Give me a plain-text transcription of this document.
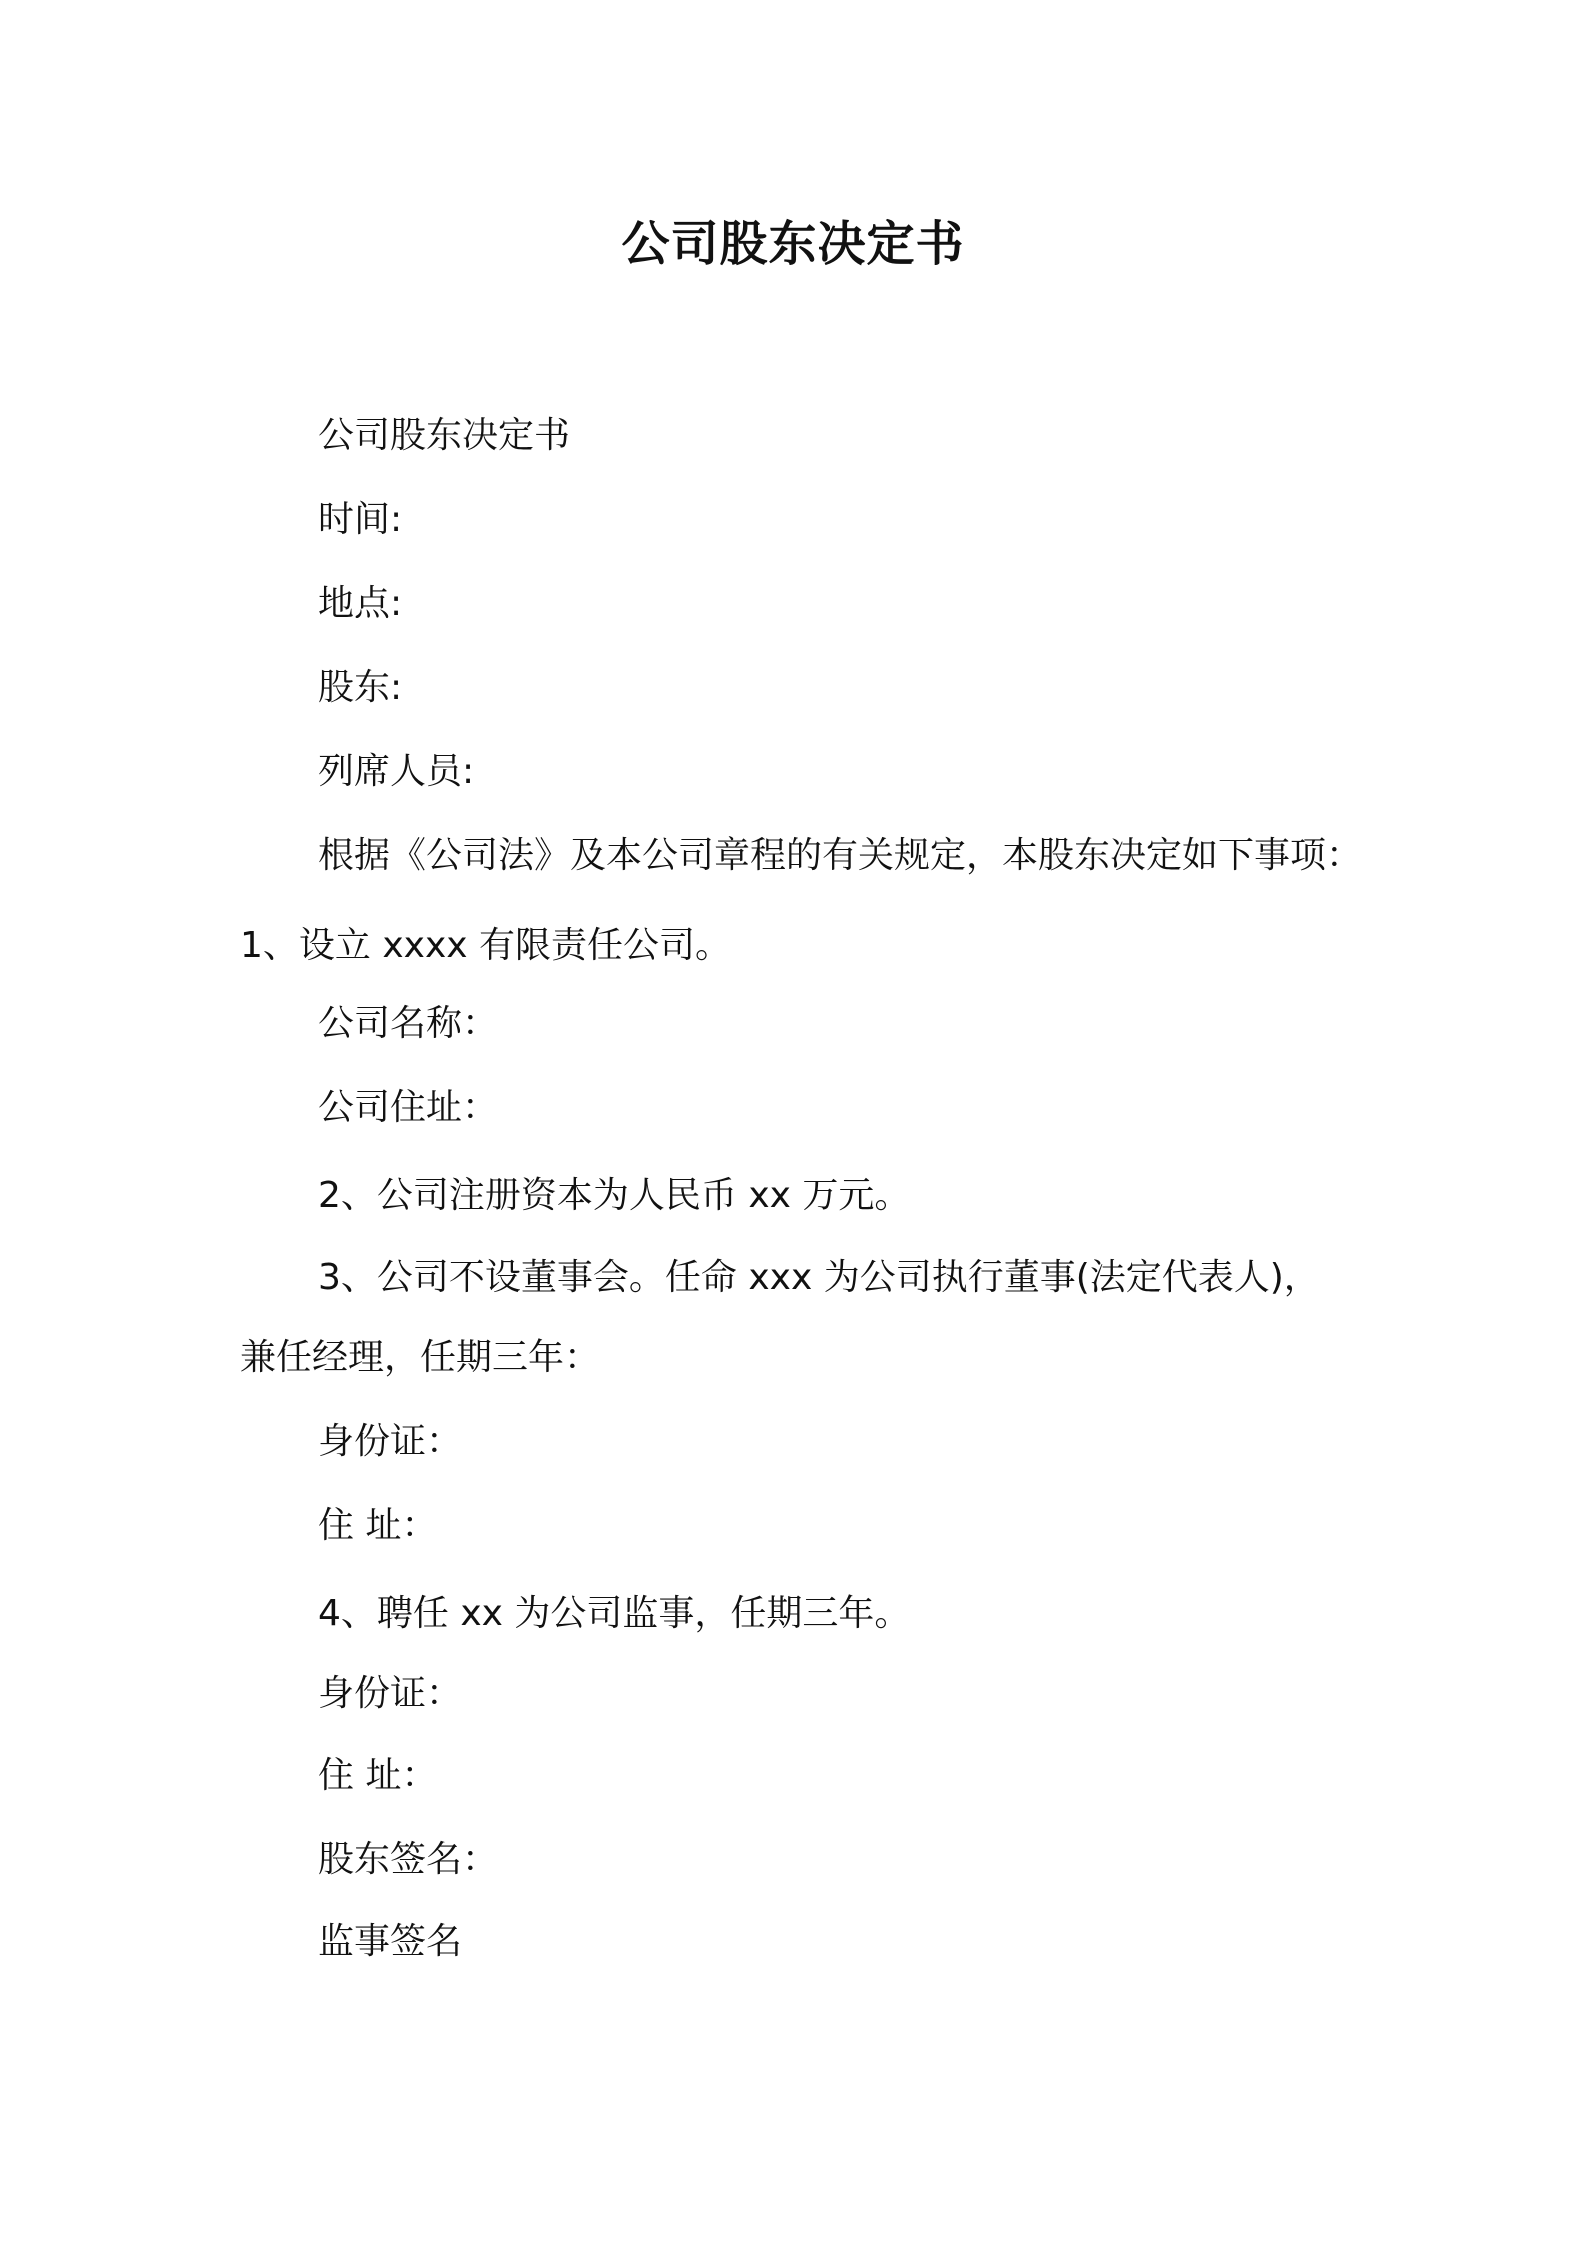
公司股东决定书
公司股东决定书
时间:
地点:
股东:
列席人员:
根据《公司法》及本公司章程的有关规定，本股东决定如下事项：
1、设立 xxxx 有限责任公司。
公司名称：
公司住址：
2、公司注册资本为人民币 xx 万元。
3、公司不设董事会。任命 xxx 为公司执行董事(法定代表人)，
兼任经理，任期三年：
身份证：
住 址：
4、聘任 xx 为公司监事，任期三年。
身份证：
住 址：
股东签名：
监事签名
